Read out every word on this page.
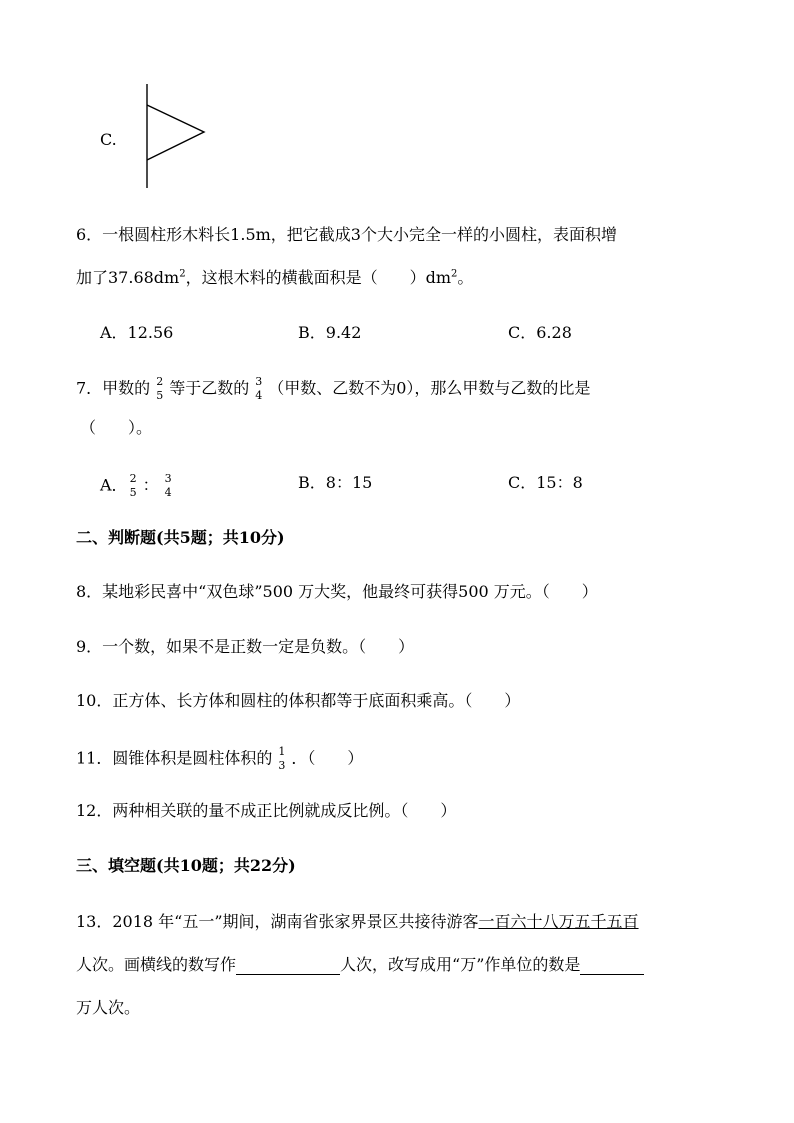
C.
6．一根圆柱形木料长1.5m，把它截成3个大小完全一样的小圆柱，表面积增
加了$37.68dm^2$，这根木料的横截面积是（　　）$dm^2$。
A．12.56	B．9.42	C．6.28
7．甲数的 2
5 等于乙数的 3
4 （甲数、乙数不为0），那么甲数与乙数的比是
（　　）。
A． 2
5 ： 3
4
B．8：15	C．15：8
二、判断题(共5题；共10分)
8．某地彩民喜中“双色球”500 万大奖，他最终可获得500 万元。（　　）
9．一个数，如果不是正数一定是负数。（　　）
10．正方体、长方体和圆柱的体积都等于底面积乘高。（　　）
11．圆锥体积是圆柱体积的 1
3 ．（　　）
12．两种相关联的量不成正比例就成反比例。（　　）
三、填空题(共10题；共22分)
13．2018 年“五一”期间，湖南省张家界景区共接待游客一百六十八万五千五百
人次。画横线的数写作	人次，改写成用“万”作单位的数是
万人次。
